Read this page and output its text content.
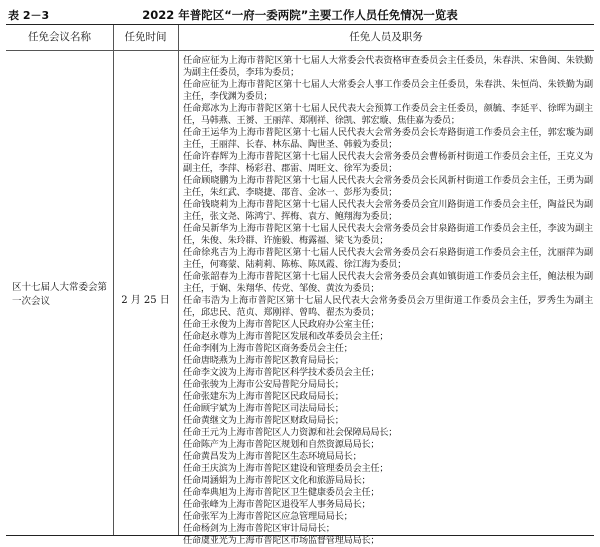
表 2－3	2022 年普陀区“一府一委两院”主要工作人员任免情况一览表
任免会议名称	任免时间	任免人员及职务
区十七届人大常委会第一次会议	2 月 25 日
任命应征为上海市普陀区第十七届人大常委会代表资格审查委员会主任委员，朱春洪、宋鲁闽、朱铁勤为副主任委员，李玮为委员；
任命应征为上海市普陀区第十七届人大常委会人事工作委员会主任委员，朱春洪、朱恒尚、朱铁勤为副主任，李伐渊为委员；
任命郑冰为上海市普陀区第十七届人民代表大会预算工作委员会主任委员，颜毓、李延平、徐晖为副主任，马韩燕、王赟、王丽萍、郑刚祥、徐凯、郭宏璇、焦佳嘉为委员；
任命王运华为上海市普陀区第十七届人民代表大会常务委员会长寿路街道工作委员会主任，郭宏璇为副主任，王丽萍、长春、林东晶、陶世圣、韩毅为委员；
任命许春辉为上海市普陀区第十七届人民代表大会常务委员会曹杨新村街道工作委员会主任，王克义为副主任，李萍、杨彩君、郡雷、周旺文、徐军为委员；
任命顾晓鹏为上海市普陀区第十七届人民代表大会常务委员会长风新村街道工作委员会主任，王勇为副主任，朱红武、李晓捷、邵音、金冰一、彭彤为委员；
任命钱晓莉为上海市普陀区第十七届人民代表大会常务委员会宜川路街道工作委员会主任，陶益民为副主任，张文尧、陈鸿宁、挥梅、袁方、鲍翔海为委员；
任命吴新华为上海市普陀区第十七届人民代表大会常务委员会甘泉路街道工作委员会主任，李波为副主任，朱俊、朱玲群、许施毅、梅露福、梁飞为委员；
任命徐兆吉为上海市普陀区第十七届人民代表大会常务委员会石泉路街道工作委员会主任，沈丽萍为副主任，何骞蒙、陆莉莉、陈栋、陈凤霞、徐江海为委员；
任命张韶春为上海市普陀区第十七届人民代表大会常务委员会真如镇街道工作委员会主任，鲍法根为副主任，于娴、朱翔华、传党、邹俊、黄汝为委员；
任命韦浩为上海市普陀区第十七届人民代表大会常务委员会万里街道工作委员会主任，罗秀生为副主任，邱忠民、范贞、郑刚祥、曾鸣、翟杰为委员；
任命王永俊为上海市普陀区人民政府办公室主任；
任命赵永尊为上海市普陀区发展和改革委员会主任；
任命李刚为上海市普陀区商务委员会主任；
任命唐晓燕为上海市普陀区教育局局长；
任命李文波为上海市普陀区科学技术委员会主任；
任命张骏为上海市公安局普陀分局局长；
任命张建东为上海市普陀区民政局局长；
任命顾宇斌为上海市普陀区司法局局长；
任命黄继文为上海市普陀区财政局局长；
任命王元为上海市普陀区人力资源和社会保障局局长；
任命陈产为上海市普陀区规划和自然资源局局长；
任命黄昌发为上海市普陀区生态环境局局长；
任命王庆滨为上海市普陀区建设和管理委员会主任；
任命周涵娟为上海市普陀区文化和旅游局局长；
任命奉典旭为上海市普陀区卫生健康委员会主任；
任命张峰为上海市普陀区退役军人事务局局长；
任命张军为上海市普陀区应急管理局局长；
任命杨剑为上海市普陀区审计局局长；
任命虞亚光为上海市普陀区市场监督管理局局长；
